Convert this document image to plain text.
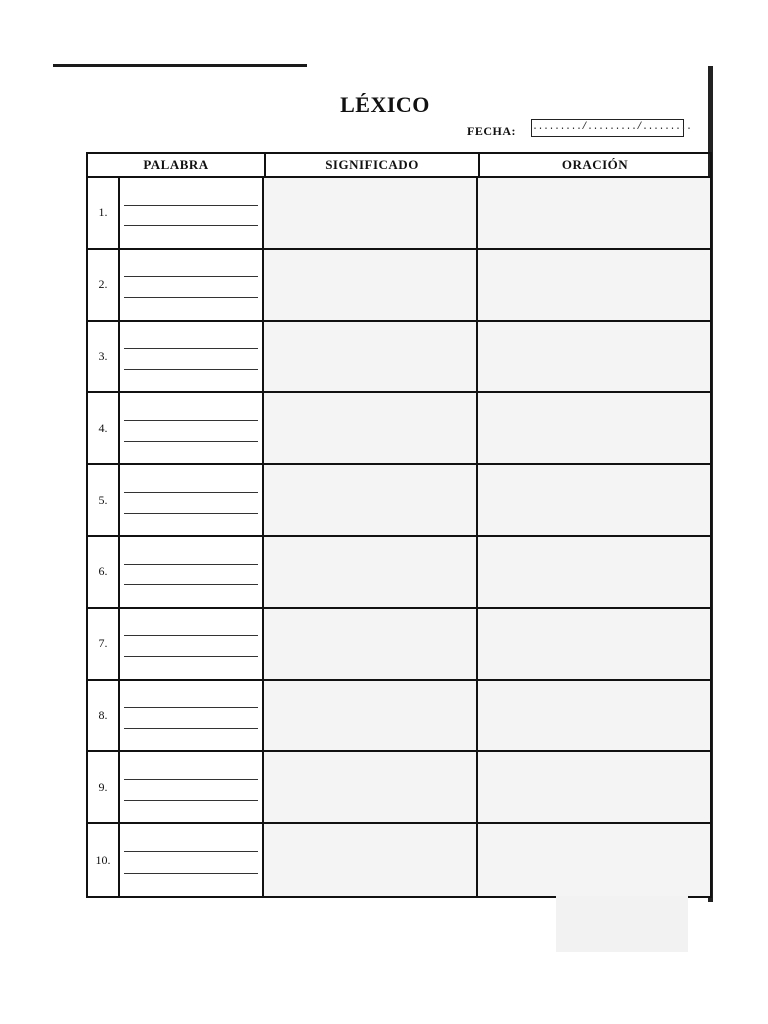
LÉXICO
FECHA: ........./........./.........
PALABRA	SIGNIFICADO	ORACIÓN
1.
2.
3.
4.
5.
6.
7.
8.
9.
10.
